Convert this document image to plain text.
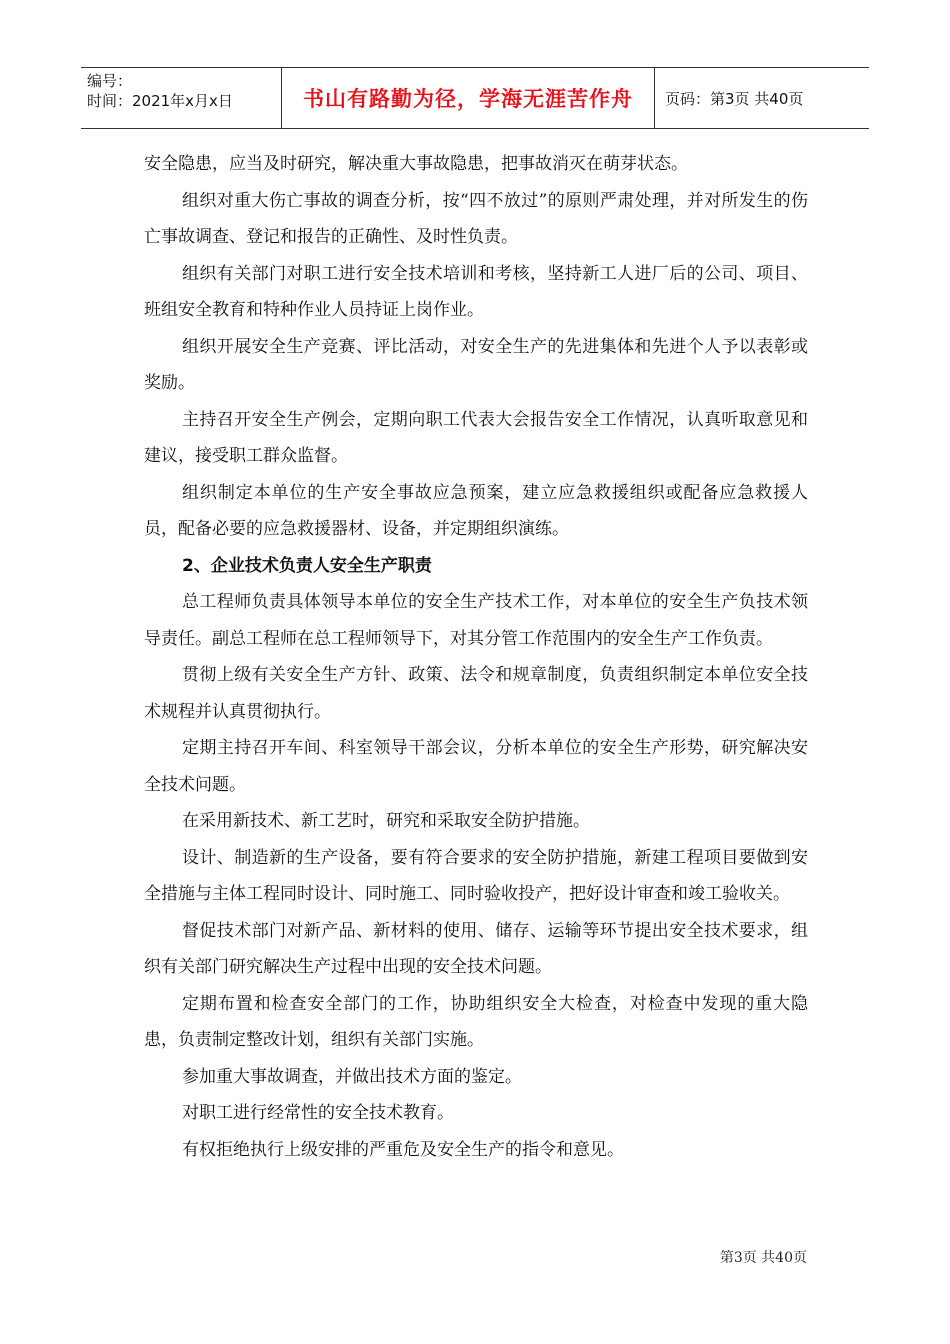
编号：
时间：2021年x月x日	书山有路勤为径，学海无涯苦作舟	页码：第3页 共40页

安全隐患，应当及时研究，解决重大事故隐患，把事故消灭在萌芽状态。

组织对重大伤亡事故的调查分析，按“四不放过”的原则严肃处理，并对所发生的伤亡事故调查、登记和报告的正确性、及时性负责。

组织有关部门对职工进行安全技术培训和考核，坚持新工人进厂后的公司、项目、班组安全教育和特种作业人员持证上岗作业。

组织开展安全生产竞赛、评比活动，对安全生产的先进集体和先进个人予以表彰或奖励。

主持召开安全生产例会，定期向职工代表大会报告安全工作情况，认真听取意见和建议，接受职工群众监督。

组织制定本单位的生产安全事故应急预案，建立应急救援组织或配备应急救援人员，配备必要的应急救援器材、设备，并定期组织演练。

2、企业技术负责人安全生产职责

总工程师负责具体领导本单位的安全生产技术工作，对本单位的安全生产负技术领导责任。副总工程师在总工程师领导下，对其分管工作范围内的安全生产工作负责。

贯彻上级有关安全生产方针、政策、法令和规章制度，负责组织制定本单位安全技术规程并认真贯彻执行。

定期主持召开车间、科室领导干部会议，分析本单位的安全生产形势，研究解决安全技术问题。

在采用新技术、新工艺时，研究和采取安全防护措施。

设计、制造新的生产设备，要有符合要求的安全防护措施，新建工程项目要做到安全措施与主体工程同时设计、同时施工、同时验收投产，把好设计审查和竣工验收关。

督促技术部门对新产品、新材料的使用、储存、运输等环节提出安全技术要求，组织有关部门研究解决生产过程中出现的安全技术问题。

定期布置和检查安全部门的工作，协助组织安全大检查，对检查中发现的重大隐患，负责制定整改计划，组织有关部门实施。

参加重大事故调查，并做出技术方面的鉴定。

对职工进行经常性的安全技术教育。

有权拒绝执行上级安排的严重危及安全生产的指令和意见。

第3页 共40页
